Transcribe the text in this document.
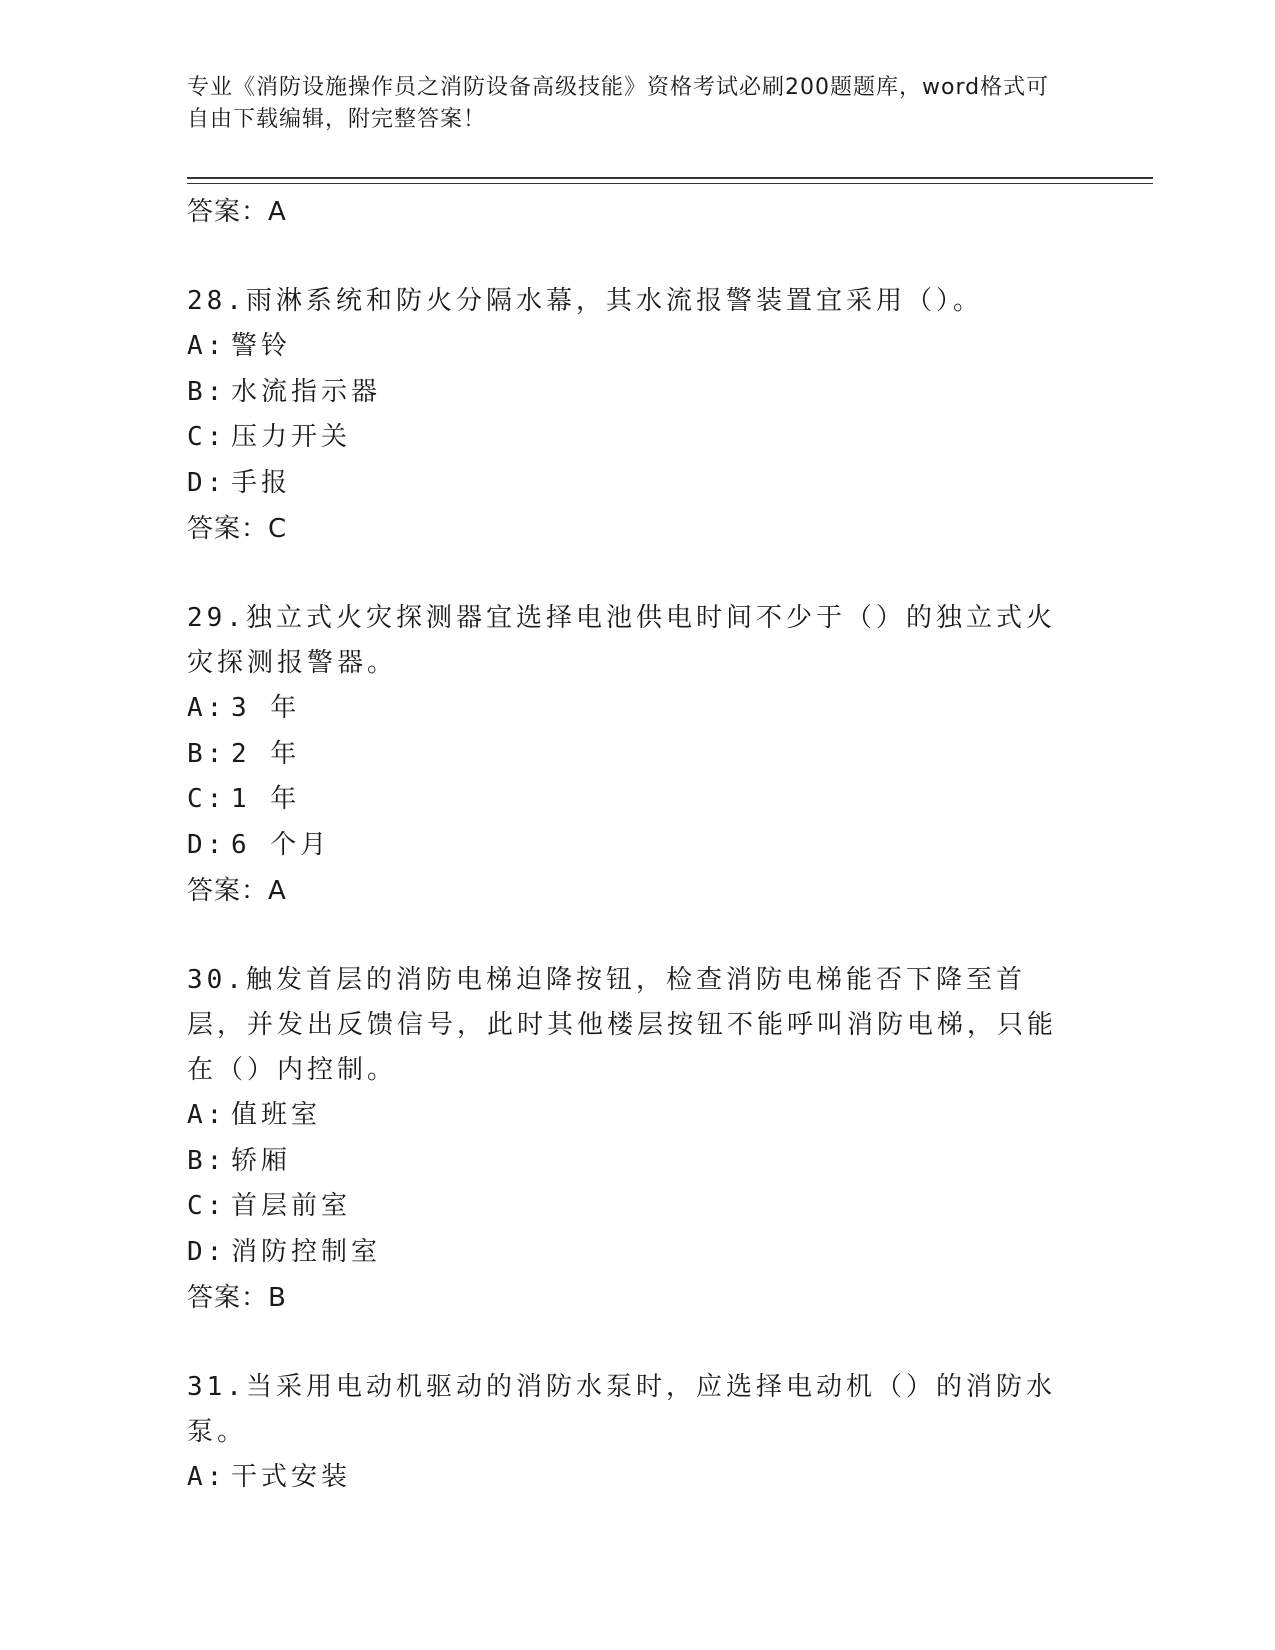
专业《消防设施操作员之消防设备高级技能》资格考试必刷200题题库，word格式可自由下载编辑，附完整答案！
答案：A
28.雨淋系统和防火分隔水幕，其水流报警装置宜采用（）。
A: 警铃
B: 水流指示器
C: 压力开关
D: 手报
答案：C
29.独立式火灾探测器宜选择电池供电时间不少于（）的独立式火灾探测报警器。
A: 3 年
B: 2 年
C: 1 年
D: 6 个月
答案：A
30.触发首层的消防电梯迫降按钮，检查消防电梯能否下降至首层，并发出反馈信号，此时其他楼层按钮不能呼叫消防电梯，只能在（）内控制。
A: 值班室
B: 轿厢
C: 首层前室
D: 消防控制室
答案：B
31.当采用电动机驱动的消防水泵时，应选择电动机（）的消防水泵。
A: 干式安装
